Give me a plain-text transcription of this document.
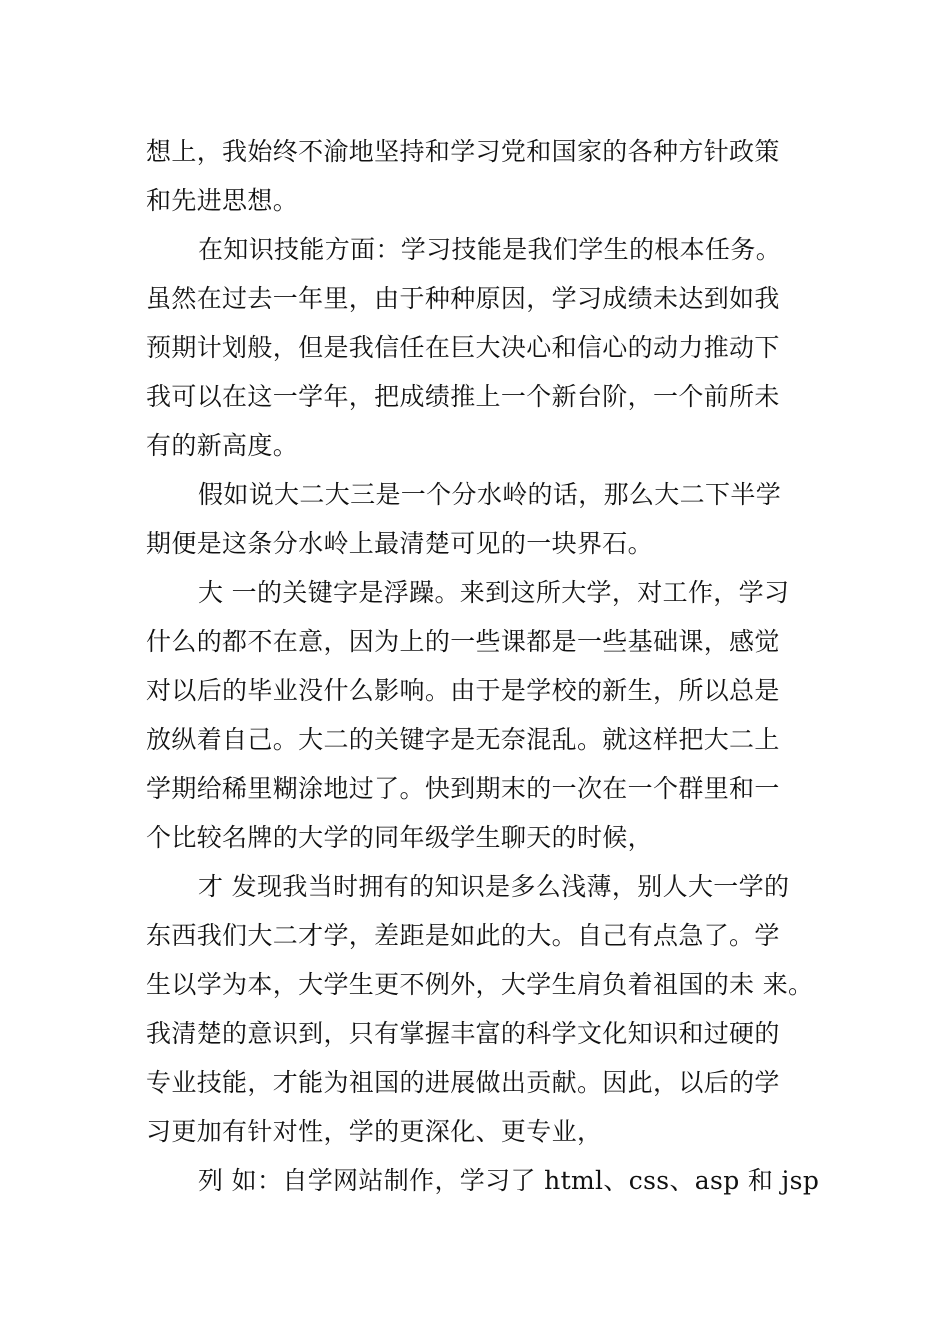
想上，我始终不渝地坚持和学习党和国家的各种方针政策
和先进思想。
在知识技能方面：学习技能是我们学生的根本任务。
虽然在过去一年里，由于种种原因，学习成绩未达到如我
预期计划般，但是我信任在巨大决心和信心的动力推动下
我可以在这一学年，把成绩推上一个新台阶，一个前所未
有的新高度。
假如说大二大三是一个分水岭的话，那么大二下半学
期便是这条分水岭上最清楚可见的一块界石。
大 一的关键字是浮躁。来到这所大学，对工作，学习
什么的都不在意，因为上的一些课都是一些基础课，感觉
对以后的毕业没什么影响。由于是学校的新生，所以总是
放纵着自己。大二的关键字是无奈混乱。就这样把大二上
学期给稀里糊涂地过了。快到期末的一次在一个群里和一
个比较名牌的大学的同年级学生聊天的时候，
才 发现我当时拥有的知识是多么浅薄，别人大一学的
东西我们大二才学，差距是如此的大。自己有点急了。学
生以学为本，大学生更不例外，大学生肩负着祖国的未 来。
我清楚的意识到，只有掌握丰富的科学文化知识和过硬的
专业技能，才能为祖国的进展做出贡献。因此，以后的学
习更加有针对性，学的更深化、更专业，
列 如：自学网站制作，学习了 html、css、asp 和 jsp
